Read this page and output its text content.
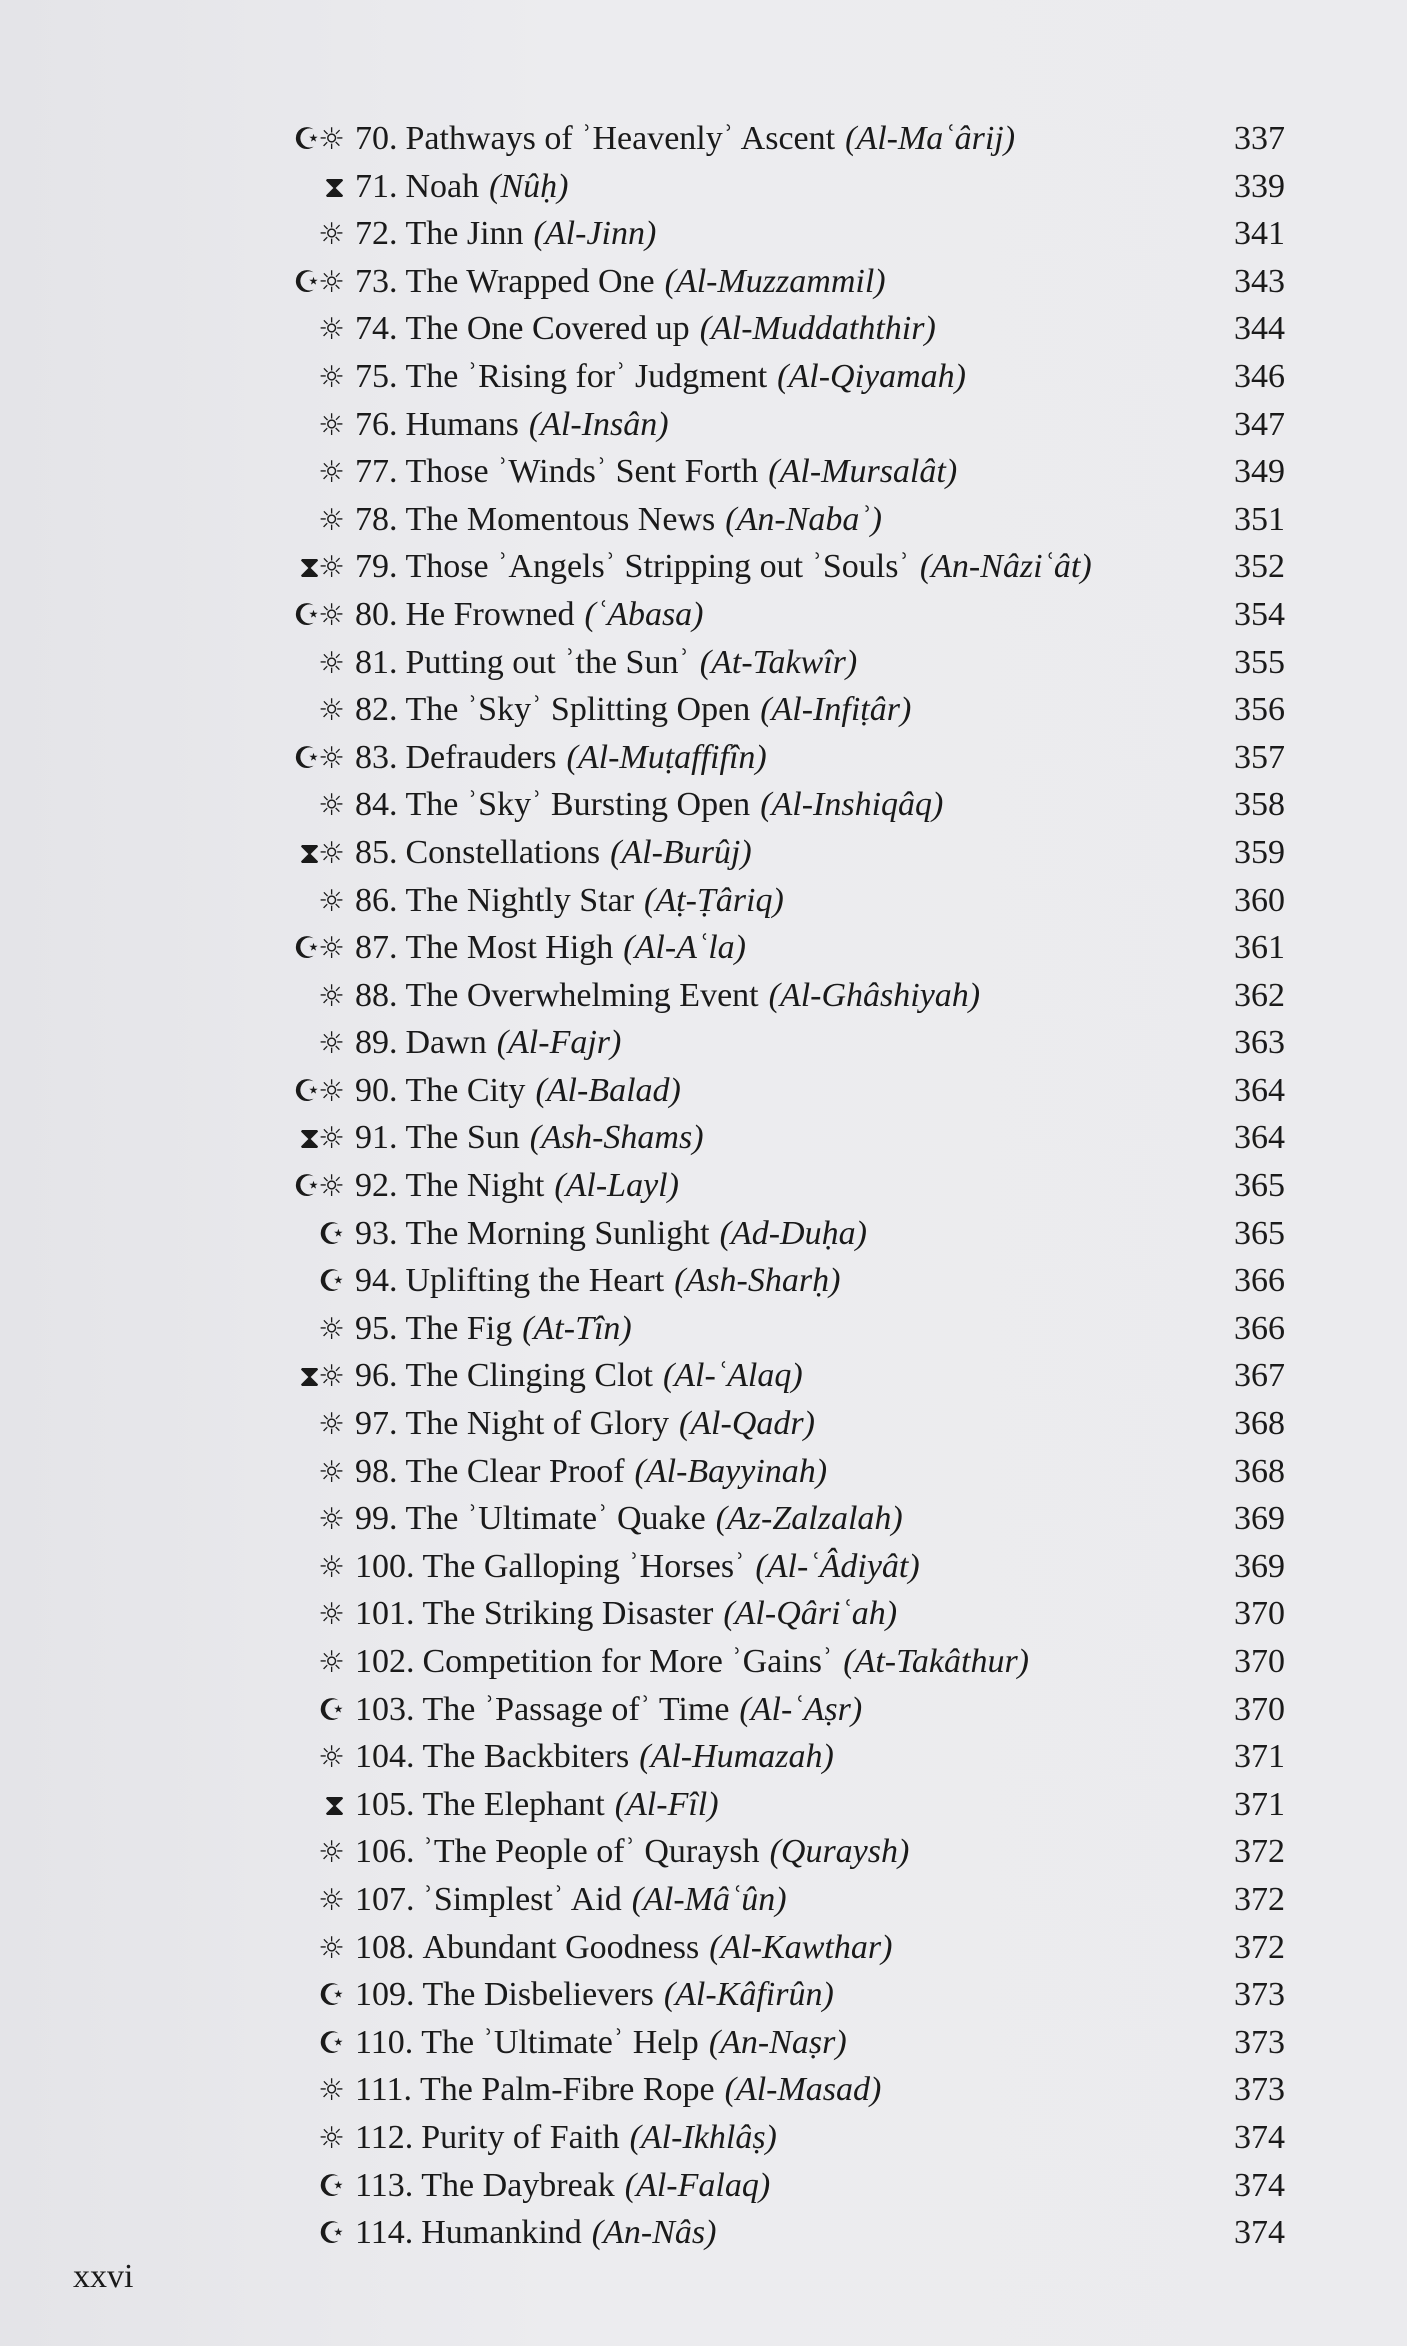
☪☼ 70. Pathways of ʾHeavenlyʾ Ascent (Al-Maʿârij)	337
⧗ 71. Noah (Nûḥ)	339
☼ 72. The Jinn (Al-Jinn)	341
☪☼ 73. The Wrapped One (Al-Muzzammil)	343
☼ 74. The One Covered up (Al-Muddaththir)	344
☼ 75. The ʾRising forʾ Judgment (Al-Qiyamah)	346
☼ 76. Humans (Al-Insân)	347
☼ 77. Those ʾWindsʾ Sent Forth (Al-Mursalât)	349
☼ 78. The Momentous News (An-Nabaʾ)	351
⧗☼ 79. Those ʾAngelsʾ Stripping out ʾSoulsʾ (An-Nâziʿât)	352
☪☼ 80. He Frowned (ʿAbasa)	354
☼ 81. Putting out ʾthe Sunʾ (At-Takwîr)	355
☼ 82. The ʾSkyʾ Splitting Open (Al-Infiṭâr)	356
☪☼ 83. Defrauders (Al-Muṭaffifîn)	357
☼ 84. The ʾSkyʾ Bursting Open (Al-Inshiqâq)	358
⧗☼ 85. Constellations (Al-Burûj)	359
☼ 86. The Nightly Star (Aṭ-Ṭâriq)	360
☪☼ 87. The Most High (Al-Aʿla)	361
☼ 88. The Overwhelming Event (Al-Ghâshiyah)	362
☼ 89. Dawn (Al-Fajr)	363
☪☼ 90. The City (Al-Balad)	364
⧗☼ 91. The Sun (Ash-Shams)	364
☪☼ 92. The Night (Al-Layl)	365
☪ 93. The Morning Sunlight (Ad-Duḥa)	365
☪ 94. Uplifting the Heart (Ash-Sharḥ)	366
☼ 95. The Fig (At-Tîn)	366
⧗☼ 96. The Clinging Clot (Al-ʿAlaq)	367
☼ 97. The Night of Glory (Al-Qadr)	368
☼ 98. The Clear Proof (Al-Bayyinah)	368
☼ 99. The ʾUltimateʾ Quake (Az-Zalzalah)	369
☼ 100. The Galloping ʾHorsesʾ (Al-ʿÂdiyât)	369
☼ 101. The Striking Disaster (Al-Qâriʿah)	370
☼ 102. Competition for More ʾGainsʾ (At-Takâthur)	370
☪ 103. The ʾPassage ofʾ Time (Al-ʿAṣr)	370
☼ 104. The Backbiters (Al-Humazah)	371
⧗ 105. The Elephant (Al-Fîl)	371
☼ 106. ʾThe People ofʾ Quraysh (Quraysh)	372
☼ 107. ʾSimplestʾ Aid (Al-Mâʿûn)	372
☼ 108. Abundant Goodness (Al-Kawthar)	372
☪ 109. The Disbelievers (Al-Kâfirûn)	373
☪ 110. The ʾUltimateʾ Help (An-Naṣr)	373
☼ 111. The Palm-Fibre Rope (Al-Masad)	373
☼ 112. Purity of Faith (Al-Ikhlâṣ)	374
☪ 113. The Daybreak (Al-Falaq)	374
☪ 114. Humankind (An-Nâs)	374
xxvi
